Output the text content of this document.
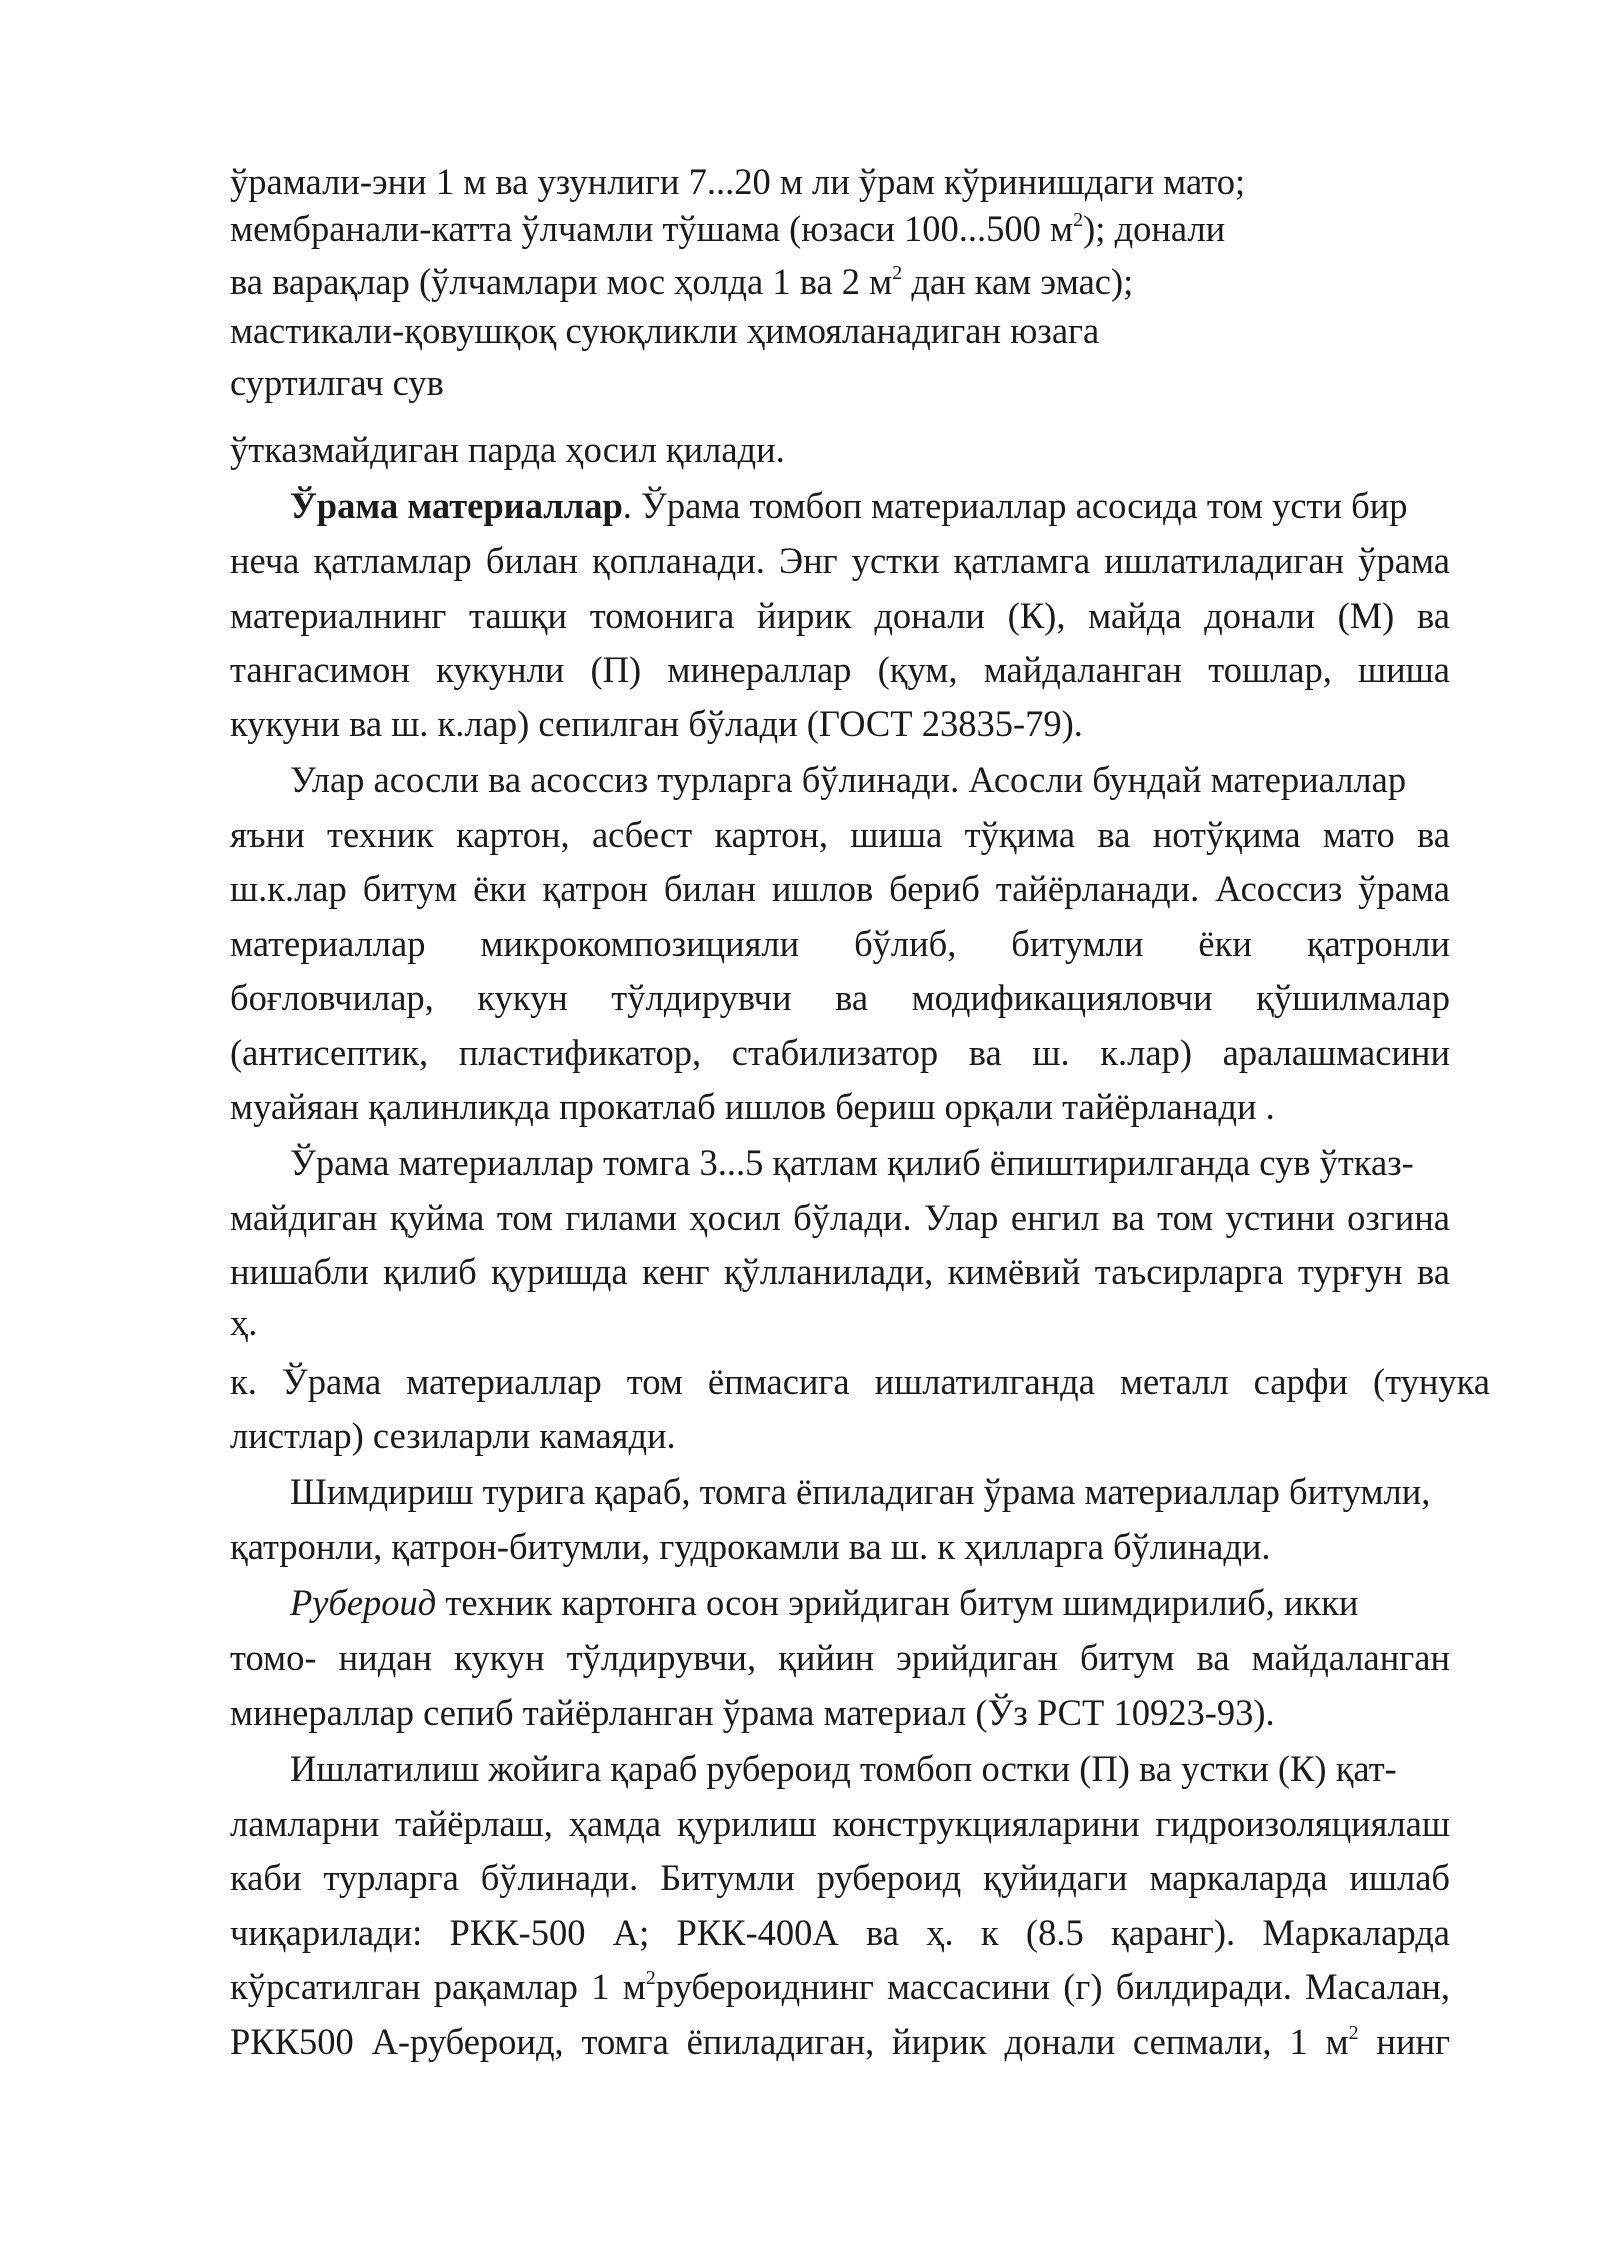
ўрамали-эни 1 м ва узунлиги 7...20 м ли ўрам кўринишдаги мато;
мембранали-катта ўлчамли тўшама (юзаси 100...500 $м^2$); донали
ва варақлар (ўлчамлари мос ҳолда 1 ва 2 $м^2$ дан кам эмас);
мастикали-қовушқоқ суюқликли ҳимояланадиган юзага
суртилгач сув
ўтказмайдиган парда ҳосил қилади.
Ўрама материаллар. Ўрама томбоп материаллар асосида том усти бир
неча қатламлар билан қопланади. Энг устки қатламга ишлатиладиган ўрама
материалнинг ташқи томонига йирик донали (К), майда донали (М) ва
тангасимон кукунли (П) минераллар (қум, майдаланган тошлар, шиша
кукуни ва ш. к.лар) сепилган бўлади (ГОСТ 23835-79).
Улар асосли ва асоссиз турларга бўлинади. Асосли бундай материаллар
яъни техник картон, асбест картон, шиша тўқима ва нотўқима мато ва
ш.к.лар битум ёки қатрон билан ишлов бериб тайёрланади. Асоссиз ўрама
материаллар микрокомпозицияли бўлиб, битумли ёки қатронли
боғловчилар, кукун тўлдирувчи ва модификацияловчи қўшилмалар
(антисептик, пластификатор, стабилизатор ва ш. к.лар) аралашмасини
муайяан қалинликда прокатлаб ишлов бериш орқали тайёрланади .
Ўрама материаллар томга 3...5 қатлам қилиб ёпиштирилганда сув ўтказ-
майдиган қуйма том гилами ҳосил бўлади. Улар енгил ва том устини озгина
нишабли қилиб қуришда кенг қўлланилади, кимёвий таъсирларга турғун ва
ҳ.
к. Ўрама материаллар том ёпмасига ишлатилганда металл сарфи (тунука
листлар) сезиларли камаяди.
Шимдириш турига қараб, томга ёпиладиган ўрама материаллар битумли,
қатронли, қатрон-битумли, гудрокамли ва ш. к ҳилларга бўлинади.
Рубероид техник картонга осон эрийдиган битум шимдирилиб, икки
томо- нидан кукун тўлдирувчи, қийин эрийдиган битум ва майдаланган
минераллар сепиб тайёрланган ўрама материал (Ўз РСТ 10923-93).
Ишлатилиш жойига қараб рубероид томбоп остки (П) ва устки (К) қат-
ламларни тайёрлаш, ҳамда қурилиш конструкцияларини гидроизоляциялаш
каби турларга бўлинади. Битумли рубероид қуйидаги маркаларда ишлаб
чиқарилади: РКК-500 А; РКК-400А ва ҳ. к (8.5 қаранг). Маркаларда
кўрсатилган рақамлар 1 $м^2рубероиднинг$ массасини (г) билдиради. Масалан,
РКК500 А-рубероид, томга ёпиладиган, йирик донали сепмали, 1 $м^2$ нинг
